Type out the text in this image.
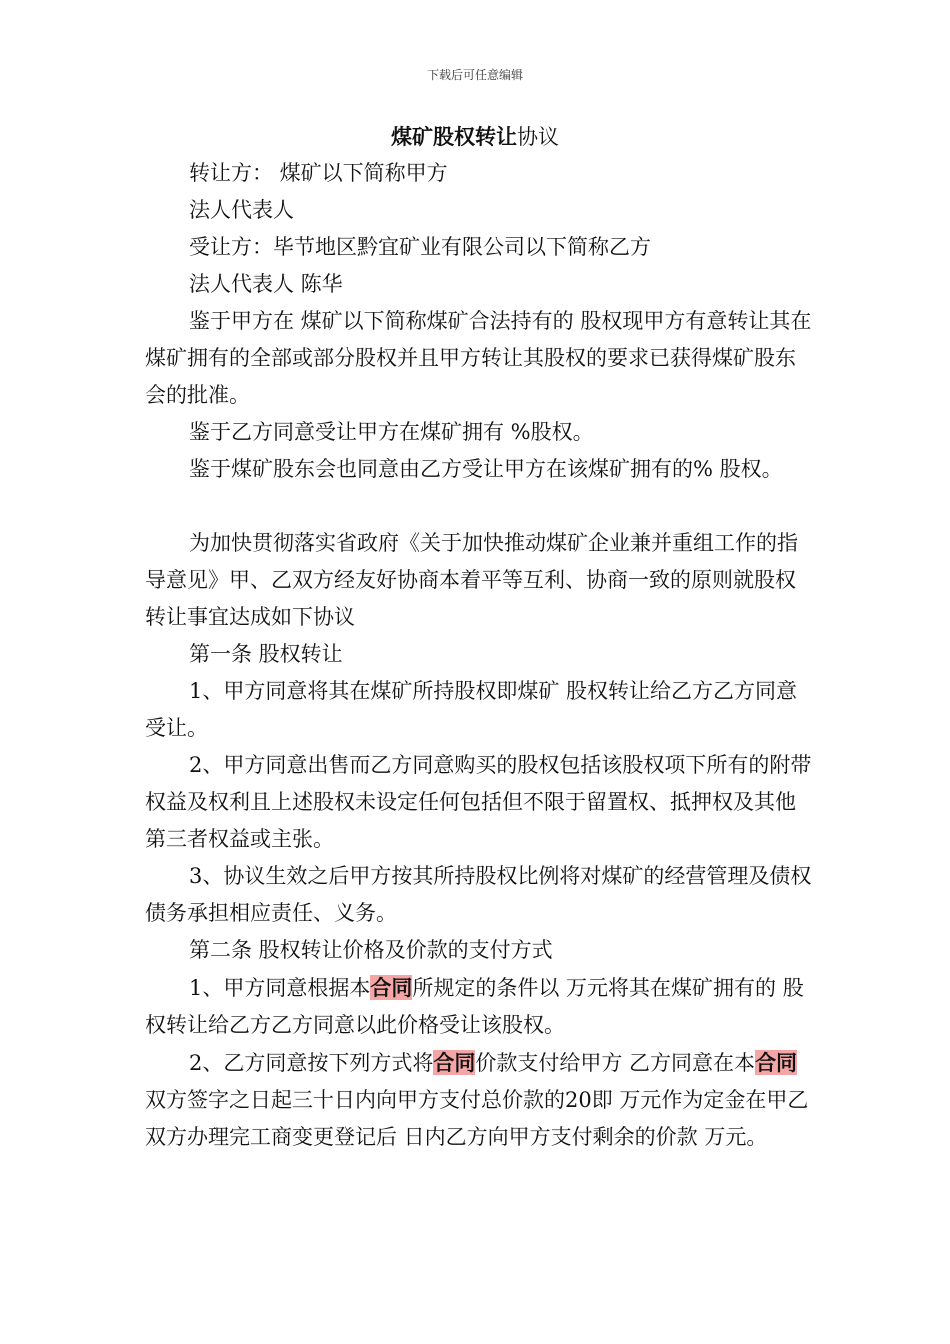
下载后可任意编辑
煤矿股权转让协议

转让方： 煤矿以下简称甲方

法人代表人

受让方：毕节地区黔宜矿业有限公司以下简称乙方

法人代表人 陈华

鉴于甲方在 煤矿以下简称煤矿合法持有的 股权现甲方有意转让其在煤矿拥有的全部或部分股权并且甲方转让其股权的要求已获得煤矿股东会的批准。

鉴于乙方同意受让甲方在煤矿拥有 %股权。

鉴于煤矿股东会也同意由乙方受让甲方在该煤矿拥有的% 股权。

为加快贯彻落实省政府《关于加快推动煤矿企业兼并重组工作的指导意见》甲、乙双方经友好协商本着平等互利、协商一致的原则就股权转让事宜达成如下协议

第一条 股权转让

1、甲方同意将其在煤矿所持股权即煤矿 股权转让给乙方乙方同意受让。

2、甲方同意出售而乙方同意购买的股权包括该股权项下所有的附带权益及权利且上述股权未设定任何包括但不限于留置权、抵押权及其他第三者权益或主张。

3、协议生效之后甲方按其所持股权比例将对煤矿的经营管理及债权债务承担相应责任、义务。

第二条 股权转让价格及价款的支付方式

1、甲方同意根据本合同所规定的条件以 万元将其在煤矿拥有的 股权转让给乙方乙方同意以此价格受让该股权。

2、乙方同意按下列方式将合同价款支付给甲方 乙方同意在本合同双方签字之日起三十日内向甲方支付总价款的20即 万元作为定金在甲乙双方办理完工商变更登记后 日内乙方向甲方支付剩余的价款 万元。
